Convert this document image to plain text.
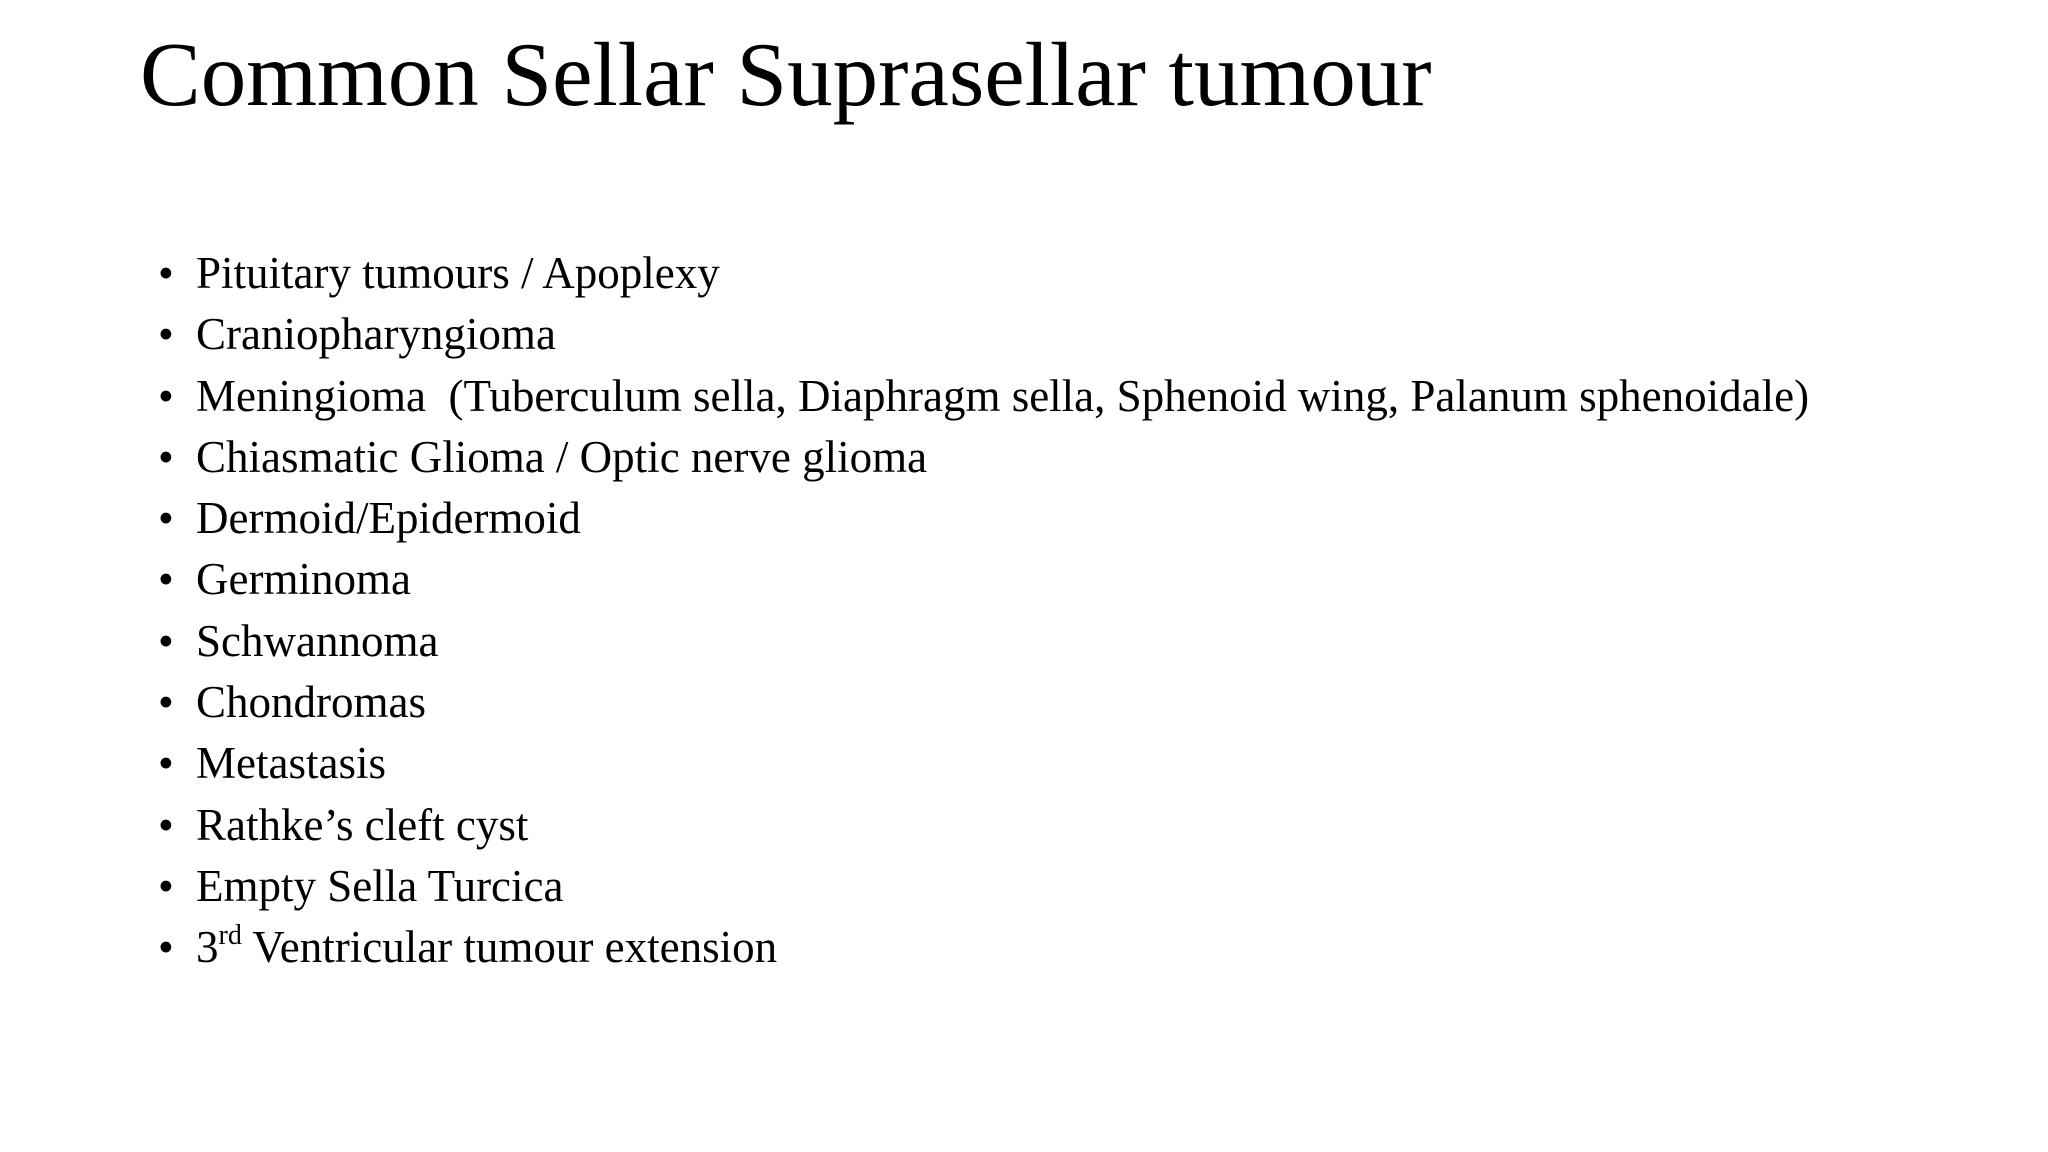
Common Sellar Suprasellar tumour
• Pituitary tumours / Apoplexy
• Craniopharyngioma
• Meningioma  (Tuberculum sella, Diaphragm sella, Sphenoid wing, Palanum sphenoidale)
• Chiasmatic Glioma / Optic nerve glioma
• Dermoid/Epidermoid
• Germinoma
• Schwannoma
• Chondromas
• Metastasis
• Rathke’s cleft cyst
• Empty Sella Turcica
• 3rd Ventricular tumour extension
